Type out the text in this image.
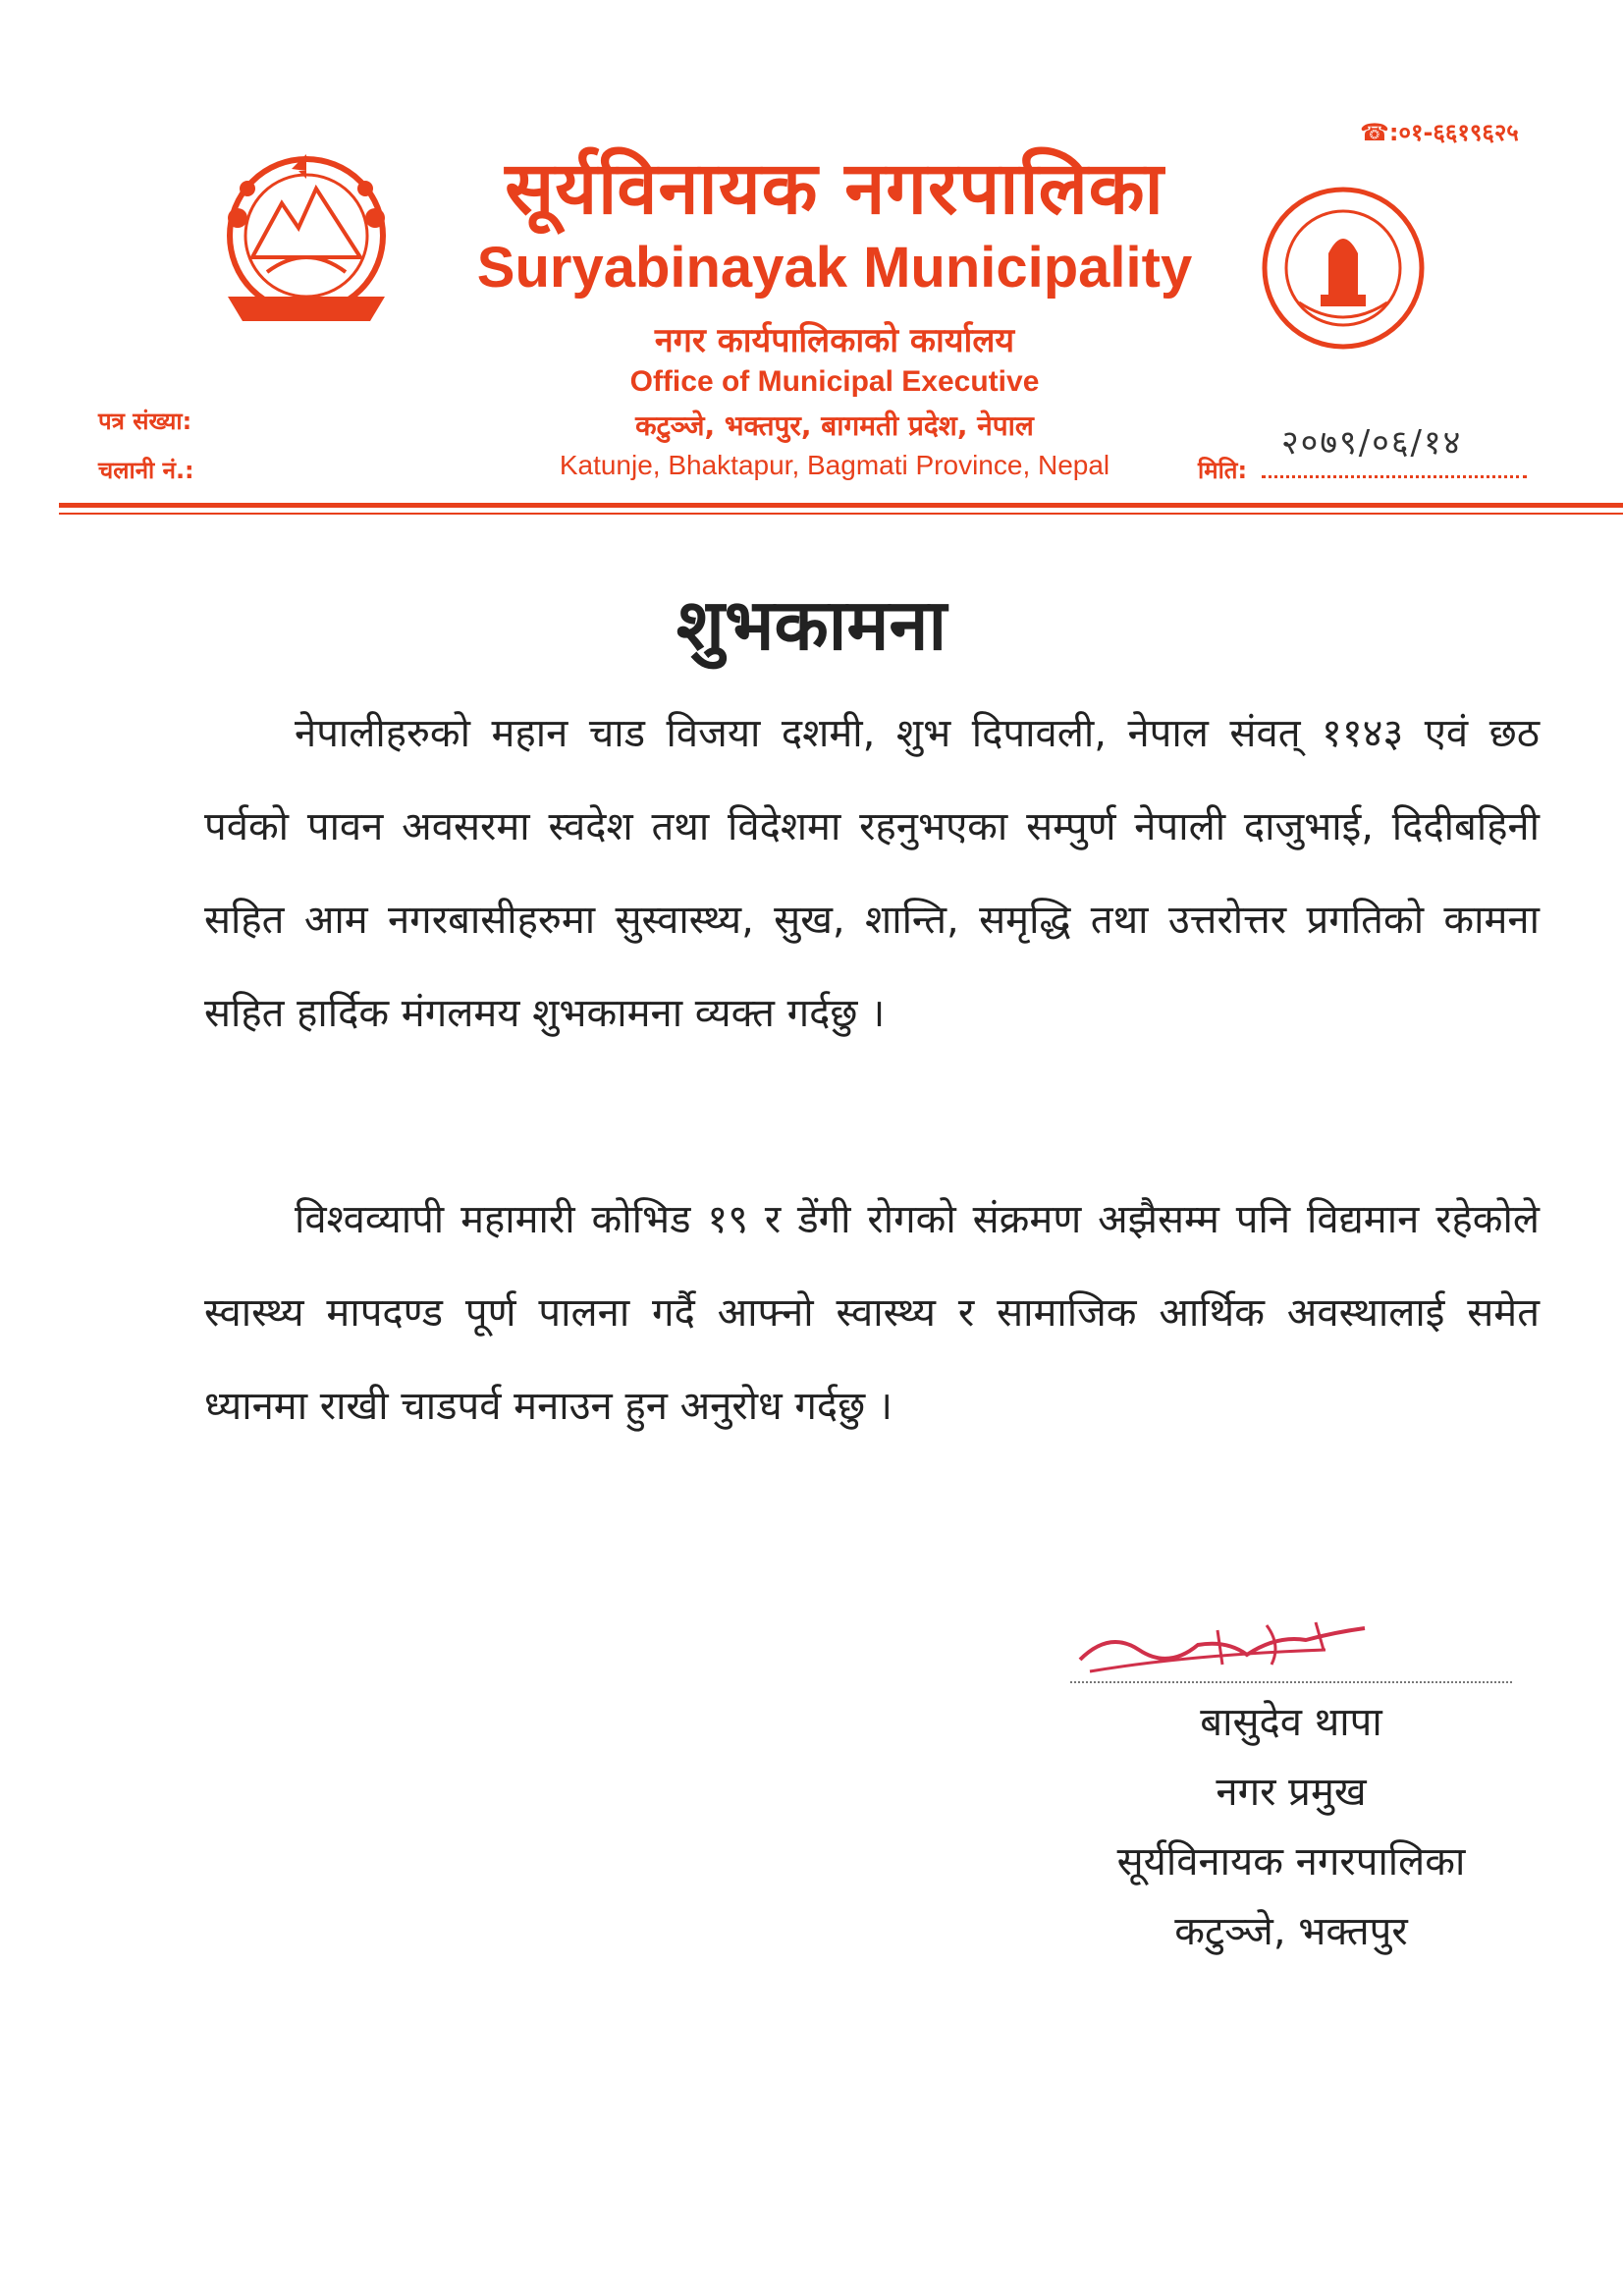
☎:०१-६६१९६२५
सूर्यविनायक नगरपालिका
Suryabinayak Municipality
नगर कार्यपालिकाको कार्यालय
Office of Municipal Executive
कटुञ्जे, भक्तपुर, बागमती प्रदेश, नेपाल
Katunje, Bhaktapur, Bagmati Province, Nepal
पत्र संख्या:
चलानी नं.:	मिति:
२०७९/०६/१४
शुभकामना

नेपालीहरुको महान चाड विजया दशमी, शुभ दिपावली, नेपाल संवत् ११४३ एवं छठ पर्वको पावन अवसरमा स्वदेश तथा विदेशमा रहनुभएका सम्पुर्ण नेपाली दाजुभाई, दिदीबहिनी सहित आम नगरबासीहरुमा सुस्वास्थ्य, सुख, शान्ति, समृद्धि तथा उत्तरोत्तर प्रगतिको कामना सहित हार्दिक मंगलमय शुभकामना व्यक्त गर्दछु ।

विश्वव्यापी महामारी कोभिड १९ र डेंगी रोगको संक्रमण अझैसम्म पनि विद्यमान रहेकोले स्वास्थ्य मापदण्ड पूर्ण पालना गर्दै आफ्नो स्वास्थ्य र सामाजिक आर्थिक अवस्थालाई समेत ध्यानमा राखी चाडपर्व मनाउन हुन अनुरोध गर्दछु ।

बासुदेव थापा
नगर प्रमुख
सूर्यविनायक नगरपालिका
कटुञ्जे, भक्तपुर
